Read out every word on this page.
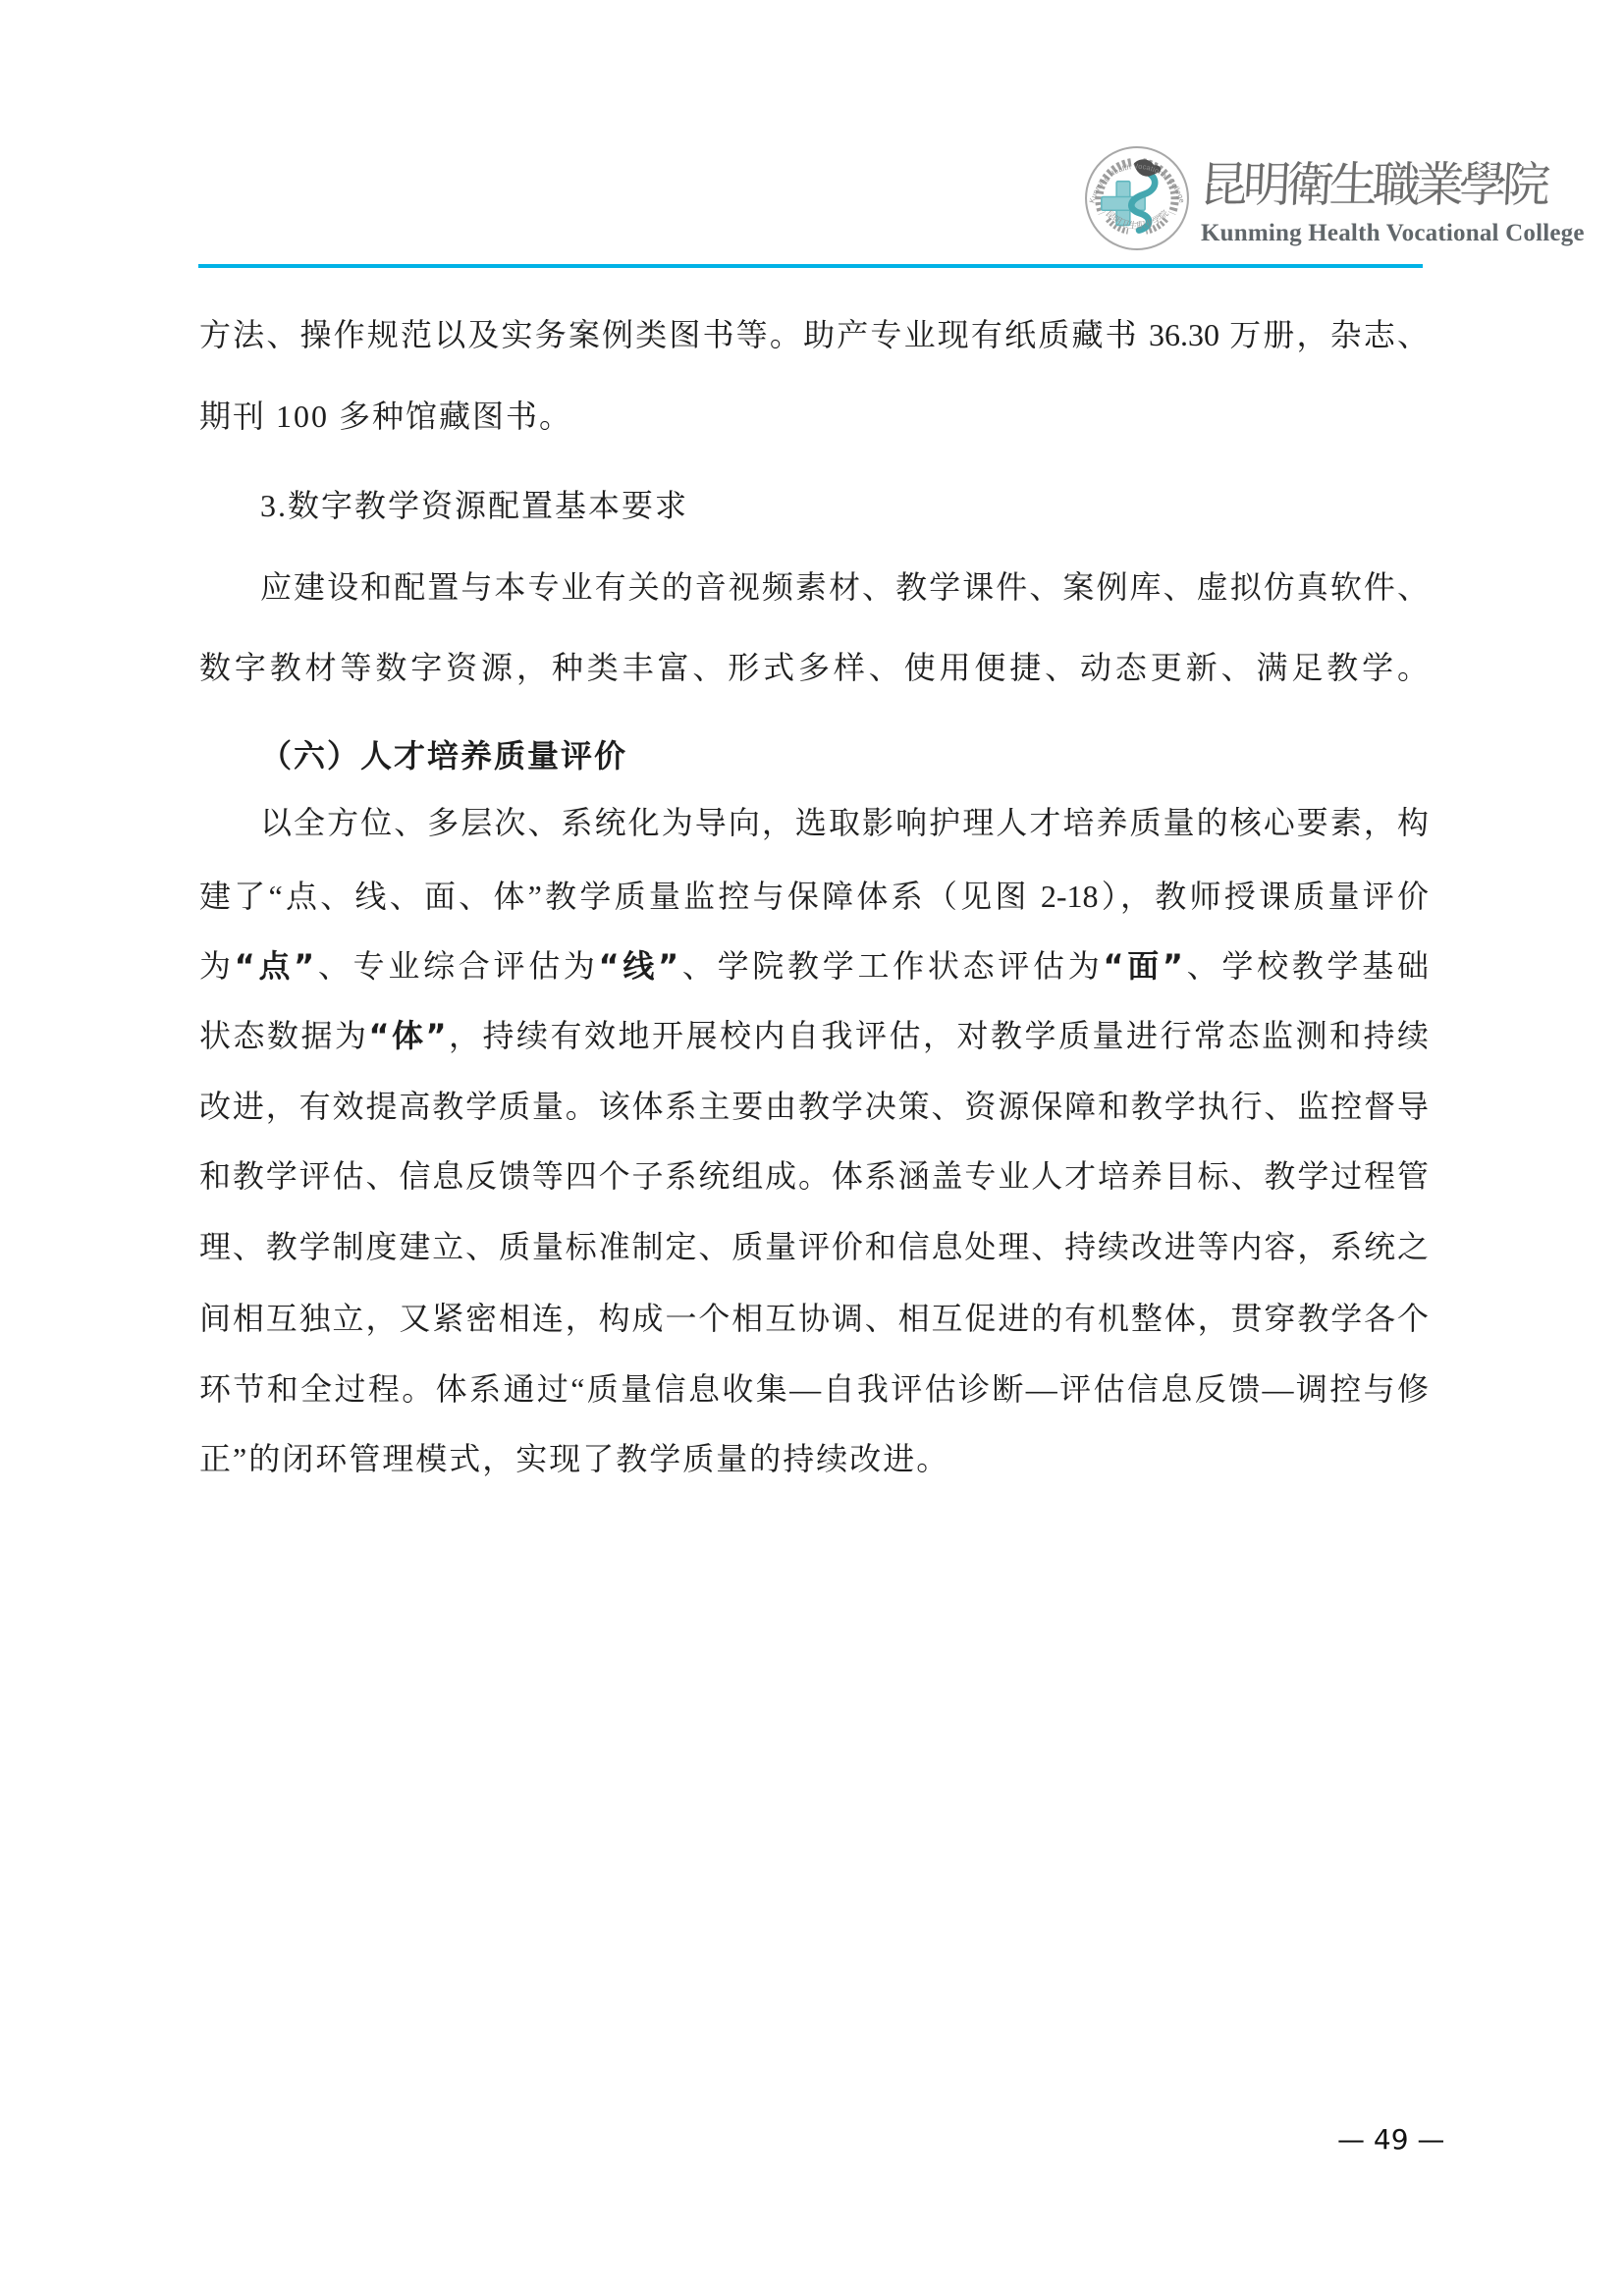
Kunming Health Vocational College
昆明卫生职业学院
昆明衛生職業學院
Kunming Health Vocational College
方法、操作规范以及实务案例类图书等。助产专业现有纸质藏书 36.30 万册，杂志、
期刊 100 多种馆藏图书。
3.数字教学资源配置基本要求
应建设和配置与本专业有关的音视频素材、教学课件、案例库、虚拟仿真软件、
数字教材等数字资源，种类丰富、形式多样、使用便捷、动态更新、满足教学。
（六）人才培养质量评价
以全方位、多层次、系统化为导向，选取影响护理人才培养质量的核心要素，构
建了“点、线、面、体”教学质量监控与保障体系（见图 2-18），教师授课质量评价
为“点”、专业综合评估为“线”、学院教学工作状态评估为“面”、学校教学基础
状态数据为“体”，持续有效地开展校内自我评估，对教学质量进行常态监测和持续
改进，有效提高教学质量。该体系主要由教学决策、资源保障和教学执行、监控督导
和教学评估、信息反馈等四个子系统组成。体系涵盖专业人才培养目标、教学过程管
理、教学制度建立、质量标准制定、质量评价和信息处理、持续改进等内容，系统之
间相互独立，又紧密相连，构成一个相互协调、相互促进的有机整体，贯穿教学各个
环节和全过程。体系通过“质量信息收集—自我评估诊断—评估信息反馈—调控与修
正”的闭环管理模式，实现了教学质量的持续改进。
— 49 —
